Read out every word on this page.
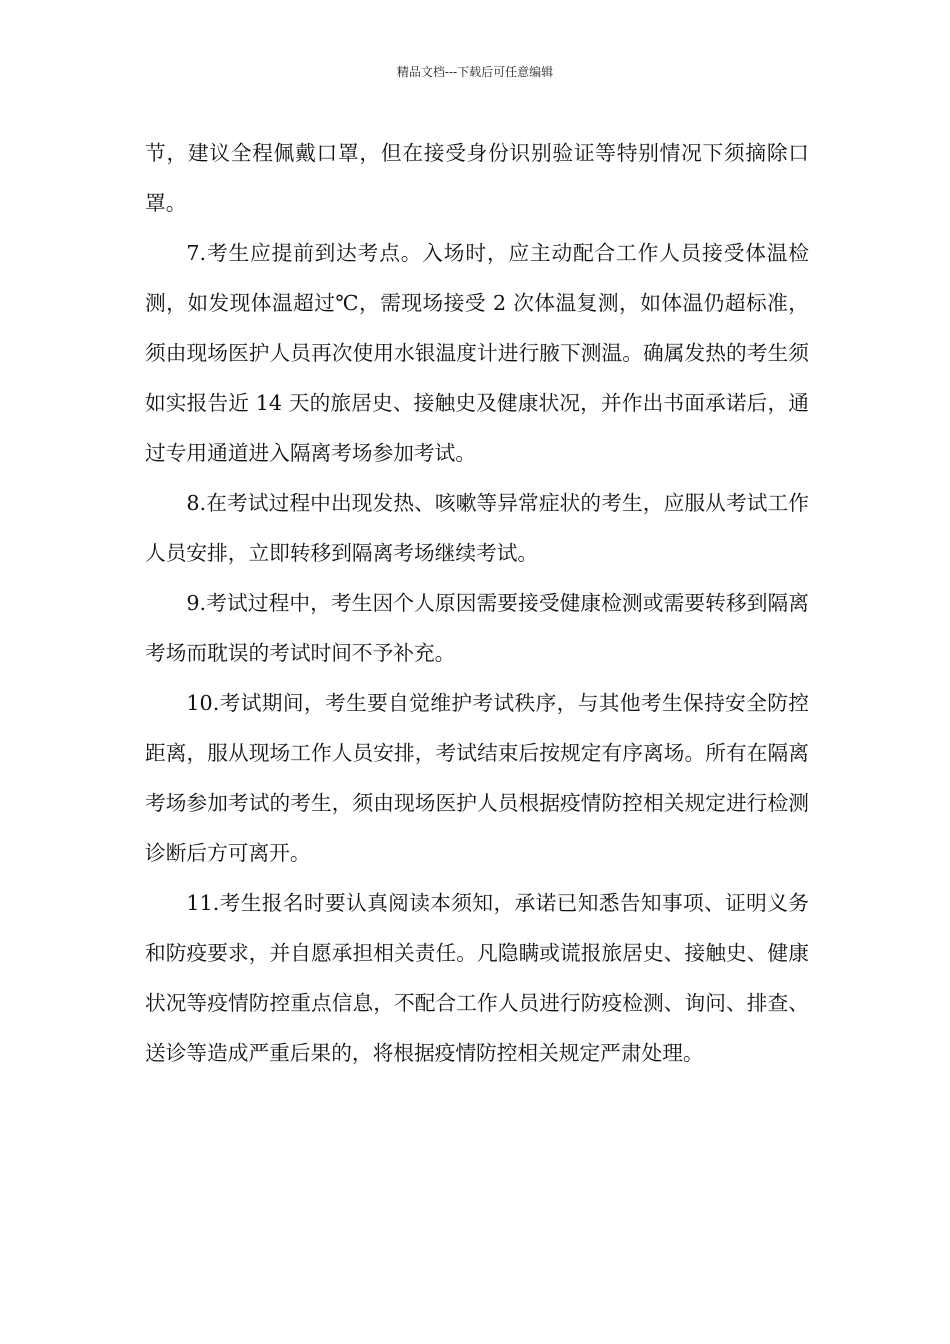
精品文档---下载后可任意编辑

节，建议全程佩戴口罩，但在接受身份识别验证等特别情况下须摘除口罩。

7.考生应提前到达考点。入场时，应主动配合工作人员接受体温检测，如发现体温超过℃，需现场接受 2 次体温复测，如体温仍超标准，须由现场医护人员再次使用水银温度计进行腋下测温。确属发热的考生须如实报告近 14 天的旅居史、接触史及健康状况，并作出书面承诺后，通过专用通道进入隔离考场参加考试。

8.在考试过程中出现发热、咳嗽等异常症状的考生，应服从考试工作人员安排，立即转移到隔离考场继续考试。

9.考试过程中，考生因个人原因需要接受健康检测或需要转移到隔离考场而耽误的考试时间不予补充。

10.考试期间，考生要自觉维护考试秩序，与其他考生保持安全防控距离，服从现场工作人员安排，考试结束后按规定有序离场。所有在隔离考场参加考试的考生，须由现场医护人员根据疫情防控相关规定进行检测诊断后方可离开。

11.考生报名时要认真阅读本须知，承诺已知悉告知事项、证明义务和防疫要求，并自愿承担相关责任。凡隐瞒或谎报旅居史、接触史、健康状况等疫情防控重点信息，不配合工作人员进行防疫检测、询问、排查、送诊等造成严重后果的，将根据疫情防控相关规定严肃处理。
